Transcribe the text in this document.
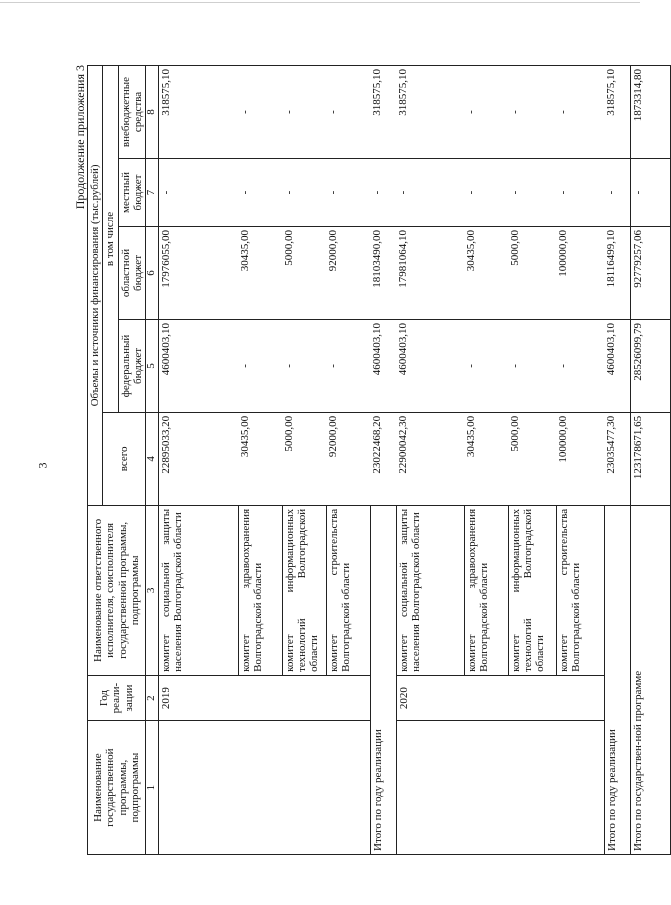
3
Продолжение приложения 3
Наименование государственной программы, подпрограммы	Год реали-зации	Наименование ответственного исполнителя, соисполнителя государственной программы, подпрограммы	Объемы и источники финансирования (тыс.рублей)				
			всего	в том числе			
				федеральный бюджет	областной бюджет	местный бюджет	внебюджетные средства
1	2	3	4	5	6	7	8
	2019	комитет социальной защиты населения Волгоградской области	22895033,20	4600403,10	17976055,00	-	318575,10
		комитет здравоохранения Волгоградской области	30435,00	-	30435,00	-	-
		комитет информационных технологий Волгоградской области	5000,00	-	5000,00	-	-
		комитет строительства Волгоградской области	92000,00	-	92000,00	-	-
Итого по году реализации			23022468,20	4600403,10	18103490,00	-	318575,10
	2020	комитет социальной защиты населения Волгоградской области	22900042,30	4600403,10	17981064,10	-	318575,10
		комитет здравоохранения Волгоградской области	30435,00	-	30435,00	-	-
		комитет информационных технологий Волгоградской области	5000,00	-	5000,00	-	-
		комитет строительства Волгоградской области	100000,00	-	100000,00	-	-
Итого по году реализации			23035477,30	4600403,10	18116499,10	-	318575,10
Итого по государствен-ной программе			123178671,65	28526099,79	92779257,06	-	1873314,80
